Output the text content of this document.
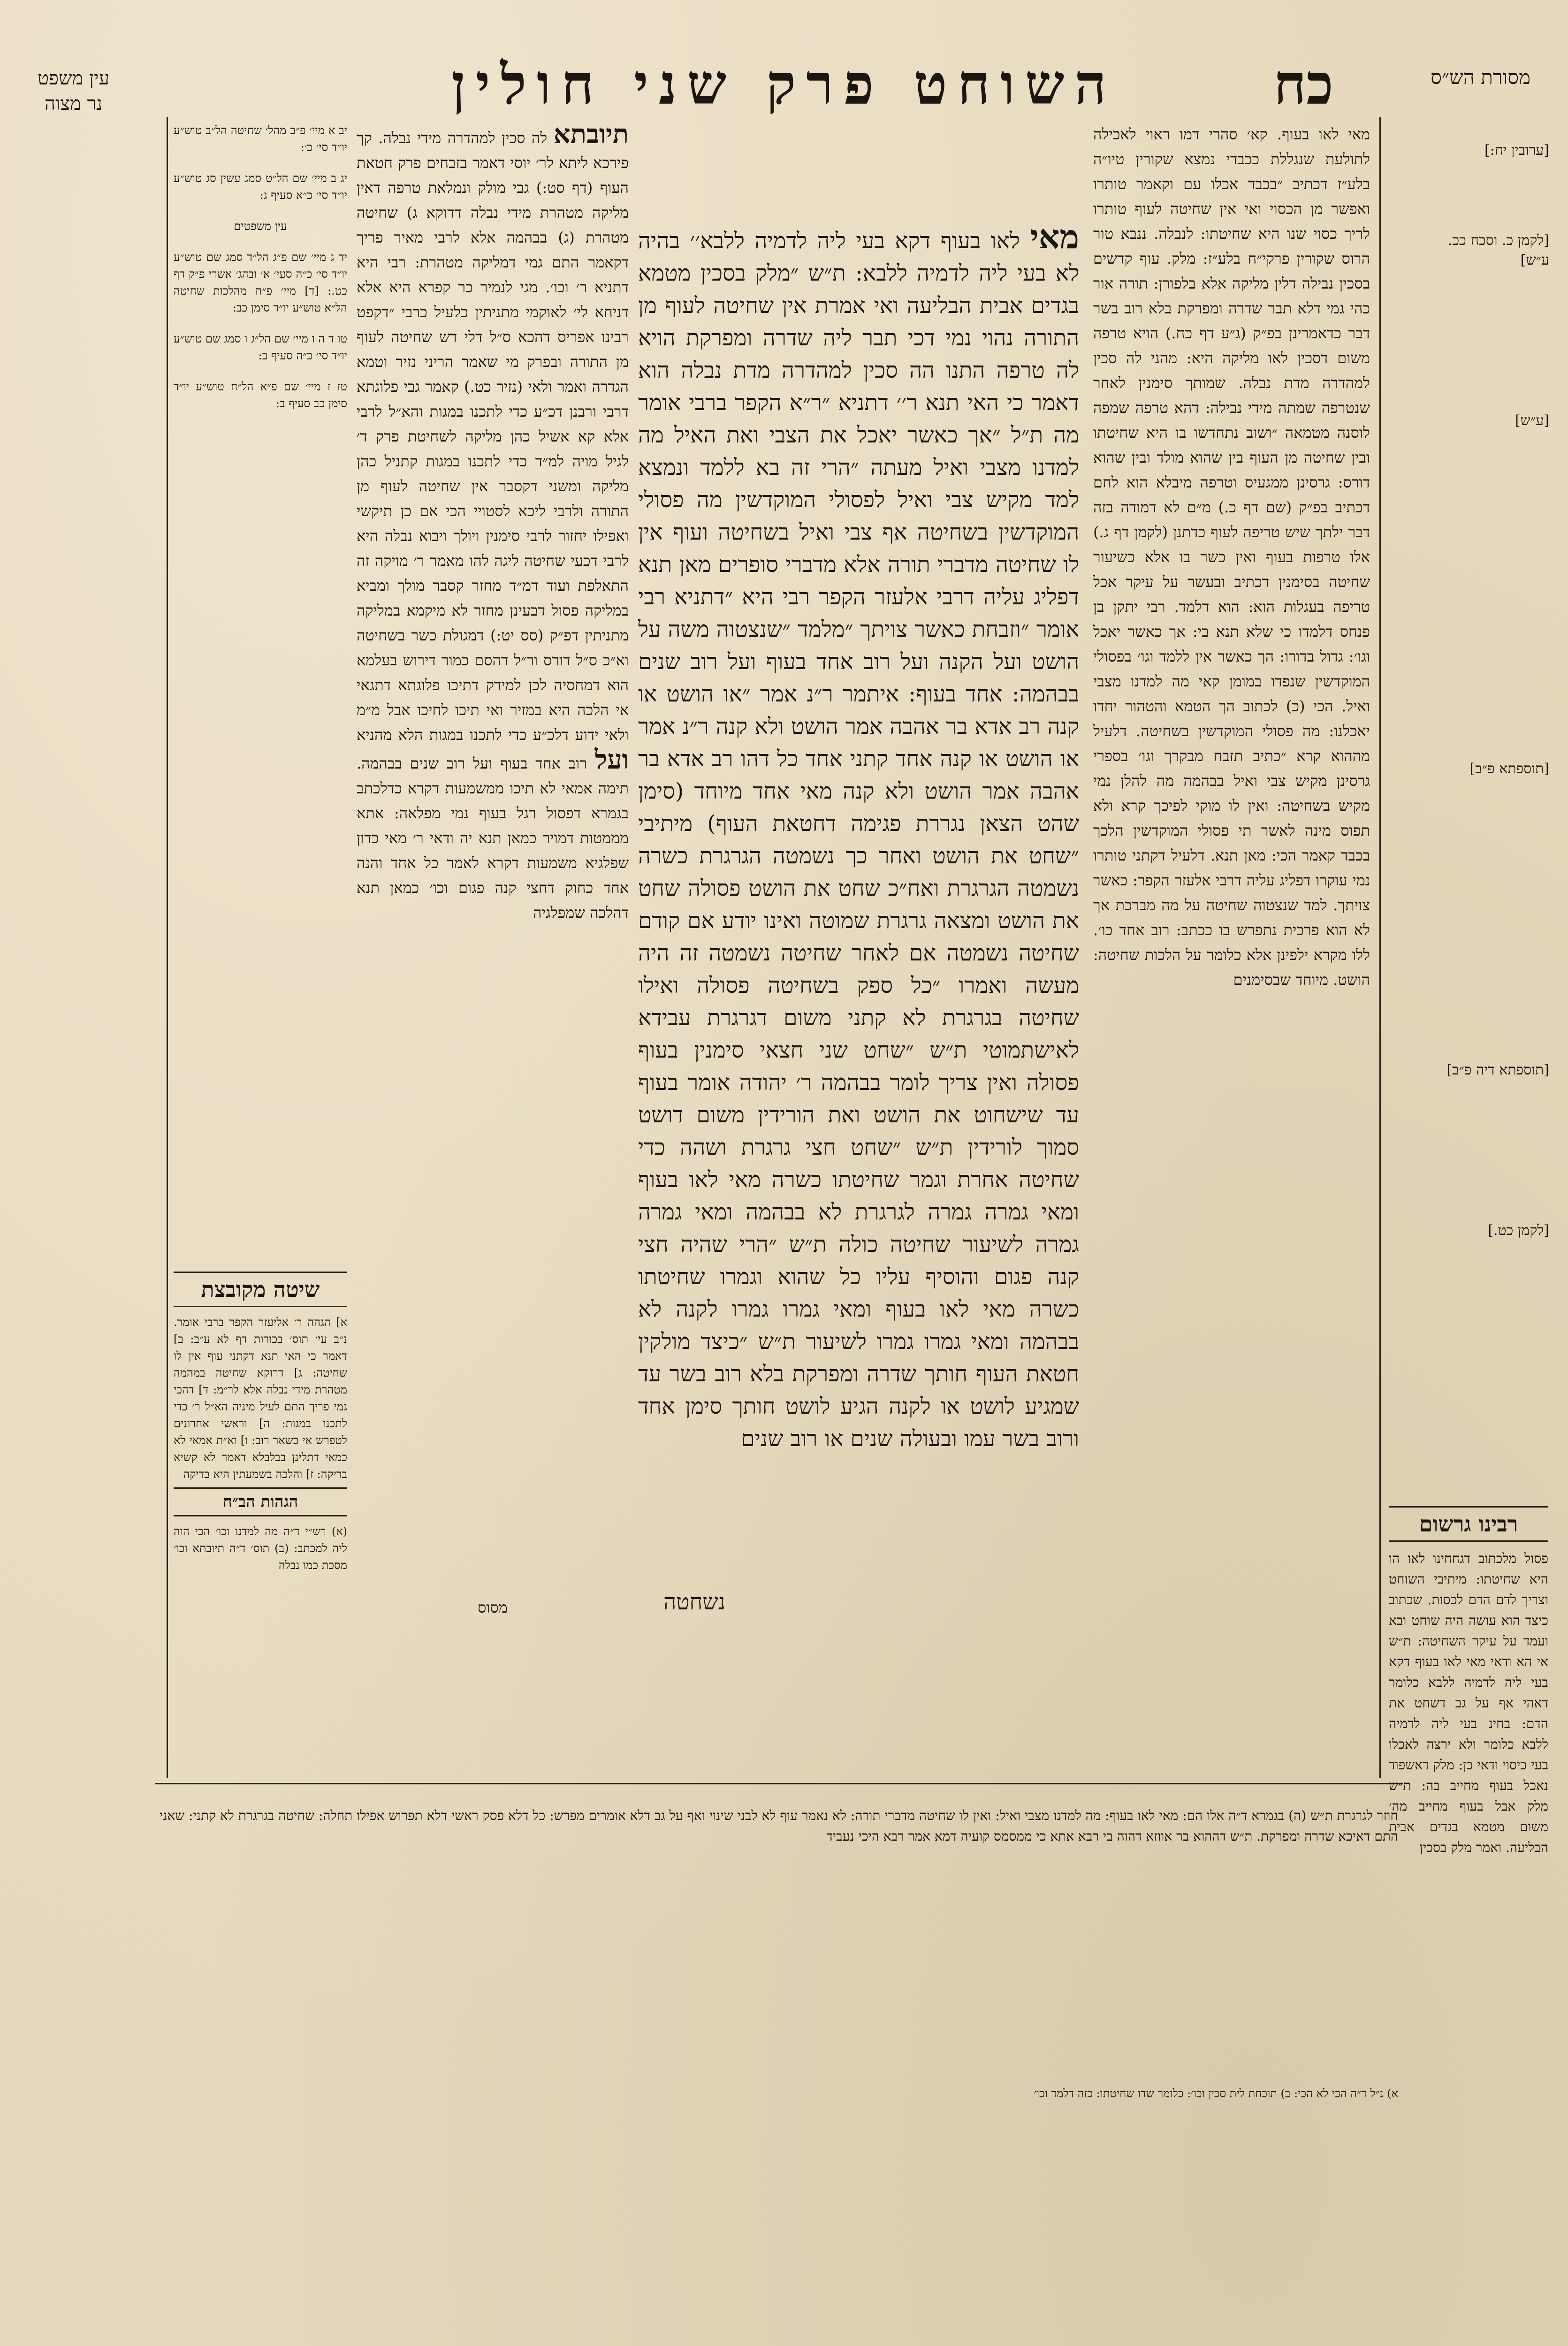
מסורת הש״ס
כח
השוחט פרק שני חולין
עין משפט
נר מצוה
[ערובין יח:]
[לקמן כ. וסכח ככ. ע״ש]
[ע״ש]
[תוספתא פ״ב]
[תוספתא דיה פ״ב]
[לקמן כט.]

מאי לאו בעוף. קא׳ סהרי דמו ראוי לאכילה לתולעת שנגללת ככבדי נמצא שקורין טיו״ה בלע״ז דכתיב ״בכבד אכלו עם וקאמר טותרו ואפשר מן הכסוי ואי אין שחיטה לעוף טותרו לריך כסוי שנו היא שחיטתו: לנבלה. ננבא טור הרוס שקורין פרקי״ח בלע״ז: מלק. עוף קדשים בסכין נבילה דלין מליקה אלא בלפורן: תורה אור כהי גמי דלא תבר שדרה ומפרקת בלא רוב בשר דבר כדאמרינן בפ״ק (ג״ע דף כח.) הויא טרפה משום דסכין לאו מליקה היא: מהני לה סכין למהדרה מדת נבלה. שמותך סימנין לאחר שנטרפה שמתה מידי נבילה: דהא טרפה שמפה לוסנה מטמאה ״ושוב נתחדשו בו היא שחיטתו ובין שחיטה מן העוף בין שהוא מולד ובין שהוא דורס: גרסינן ממגעיס וטרפה מיבלא הוא לחם דכתיב בפ״ק (שם דף כ.) מ״ם לא דמודה בזה דבר ילתך שיש טריפה לעוף כדתנן (לקמן דף ג.) אלו טרפות בעוף ואין כשר בו אלא כשיעור שחיטה בסימנין דכתיב ובעשר על עיקר אכל טריפה בעגלות הוא: הוא דלמד. רבי יתקן בן פנחס דלמדו כי שלא תנא בי: אך כאשר יאכל וגו׳: גדול בדורו: הך כאשר אין ללמד וגו׳ בפסולי המוקדשין שנפדו במומן קאי מה למדנו מצבי ואיל. הכי (כ) לכתוב הך הטמא והטהור יחדו יאכלנו: מה פסולי המוקדשין בשחיטה. דלעיל מההוא קרא ״כתיב תזבח מבקרך וגו׳ בספרי גרסינן מקיש צבי ואיל בבהמה מה להלן נמי מקיש בשחיטה: ואין לו מוקי לפיכך קרא ולא תפוס מינה לאשר תי פסולי המוקדשין הלכך בכבד קאמר הכי: מאן תנא. דלעיל דקתני טותרו נמי עוקרו דפליג עליה דרבי אלעזר הקפר: כאשר צויתך. למד שנצטוה שחיטה על מה מברכת אך לא הוא פרכית נתפרש בו ככתב: רוב אחד כו׳. ללו מקרא ילפינן אלא כלומר על הלכות שחיטה: הושט. מיוחד שבסימנים

רבינו גרשום

פסול מלכתוב דגחחינו לאו הו היא שחיטתו: מיתיבי השוחט וצריך לדם הדם לכסות. שכתוב כיצד הוא עושה היה שוחט ובא ועמד על עיקר השחיטה: ת״ש אי הא ודאי מאי לאו בעוף דקא בעי ליה לדמיה ללבא כלומר דאהי אף על גב דשחט את הדם: בחינ בעי ליה לדמיה ללבא כלומר ולא ירצה לאכלו בעי כיסוי ודאי כן: מלק דאשפוד נאכל בעוף מחייב בה: ת״ש מלק אבל בעוף מחייב מה׳ משום מטמא בגדים אבית הבליעה. ואמר מלק בסכין

מאי לאו בעוף דקא בעי ליה לדמיה ללבא׳׳ בהיה לא בעי ליה לדמיה ללבא: ת״ש ״מלק בסכין מטמא בגדים אבית הבליעה ואי אמרת אין שחיטה לעוף מן התורה נהוי נמי דכי תבר ליה שדרה ומפרקת הויא לה טרפה התנו הה סכין למהדרה מדת נבלה הוא דאמר כי האי תנא ר׳׳ דתניא ״ר״א הקפר ברבי אומר מה ת״ל ״אך כאשר יאכל את הצבי ואת האיל מה למדנו מצבי ואיל מעתה ״הרי זה בא ללמד ונמצא למד מקיש צבי ואיל לפסולי המוקדשין מה פסולי המוקדשין בשחיטה אף צבי ואיל בשחיטה ועוף אין לו שחיטה מדברי תורה אלא מדברי סופרים מאן תנא דפליג עליה דרבי אלעזר הקפר רבי היא ״דתניא רבי אומר ״וזבחת כאשר צויתך ״מלמד ״שנצטוה משה על הושט ועל הקנה ועל רוב אחד בעוף ועל רוב שנים בבהמה: אחד בעוף: איתמר ר״נ אמר ״או הושט או קנה רב אדא בר אהבה אמר הושט ולא קנה ר״נ אמר או הושט או קנה אחד קתני אחד כל דהו רב אדא בר אהבה אמר הושט ולא קנה מאי אחד מיוחד (סימן שהט הצאן נגררת פגימה דחטאת העוף) מיתיבי ״שחט את הושט ואחר כך נשמטה הגרגרת כשרה נשמטה הגרגרת ואח״כ שחט את הושט פסולה שחט את הושט ומצאה גרגרת שמוטה ואינו יודע אם קודם שחיטה נשמטה אם לאחר שחיטה נשמטה זה היה מעשה ואמרו ״כל ספק בשחיטה פסולה ואילו שחיטה בגרגרת לא קתני משום דגרגרת עבידא לאישתמוטי ת״ש ״שחט שני חצאי סימנין בעוף פסולה ואין צריך לומר בבהמה ר׳ יהודה אומר בעוף עד שישחוט את הושט ואת הורידין משום דושט סמוך לורידין ת״ש ״שחט חצי גרגרת ושהה כדי שחיטה אחרת וגמר שחיטתו כשרה מאי לאו בעוף ומאי גמרה גמרה לגרגרת לא בבהמה ומאי גמרה גמרה לשיעור שחיטה כולה ת״ש ״הרי שהיה חצי קנה פגום והוסיף עליו כל שהוא וגמרו שחיטתו כשרה מאי לאו בעוף ומאי גמרו גמרו לקנה לא בבהמה ומאי גמרו גמרו לשיעור ת״ש ״כיצד מולקין חטאת העוף חותך שדרה ומפרקת בלא רוב בשר עד שמגיע לושט או לקנה הגיע לושט חותך סימן אחד ורוב בשר עמו ובעולה שנים או רוב שנים

נשחטה

תיובתא לה סכין למהדרה מידי נבלה. קך פירכא ליתא לר׳ יוסי דאמר בזבחים פרק חטאת העוף (דף סט:) גבי מולק ונמלאת טרפה דאין מליקה מטהרת מידי נבלה דדוקא ג) שחיטה מטהרת (ג) בבהמה אלא לרבי מאיר פריך דקאמר התם גמי דמליקה מטהרת: רבי היא דתניא ר׳ וכו׳. מגי לנמיר כר קפרא היא אלא דניחא לי׳ לאוקמי מתניתין כלעיל כרבי ״דקפט רבינו אפריס דהכא ס״ל דלי דש שחיטה לעוף מן התורה ובפרק מי שאמר הריני נזיר וטמא הגדרה ואמר ולאי (נזיר כט.) קאמר גבי פלוגתא דרבי ורבנן דכ״ע כדי לתכנו במגות והא״ל לרבי אלא קא אשיל כהן מליקה לשחיטת פרק ד׳ לגיל מויה למ״ד כדי לתכנו במגות קתניל כהן מליקה ומשני דקסבר אין שחיטה לעוף מן התורה ולרבי ליכא לסטויי הכי אם כן תיקשי ואפילו יחזור לרבי סימנין ויולך ויבוא נבלה היא לרבי דכעי שחיטה ליגה להו מאמר ר׳ מויקה זה התאלפת ועוד דמ״ד מחזר קסבר מולך ומביא במליקה פסול דבעינן מחזר לא מיקמא במליקה מתניתין דפ״ק (סס יט:) דמגולת כשר בשחיטה וא״כ ס״ל דורס ור״ל דהסם כמור דירוש בעלמא הוא דמחסיה לכן למידק דתיכו פלוגתא דתגאי אי הלכה היא במזיר ואי תיכו לחיכו אבל מ״מ ולאי ידוע דלכ״ע כדי לתכנו במגות הלא מהניא ועל רוב אחד בעוף ועל רוב שנים בבהמה. תימה אמאי לא תיכו ממשמעות דקרא כדלכתב בגמרא דפסול רגל בעוף נמי מפלאה: אתא מממטות דמויר כמאן תנא יה ודאי ר׳ מאי כדון שפלגיא משמעות דקרא לאמר כל אחד והנה אחד כחוק דחצי קנה פגום וכו׳ כמאן תנא דהלכה שמפלגיה

מסוס

יב א מיי׳ פ״ב מהל׳ שחיטה הל״ב טוש״ע יו״ד סי׳ כ׳:

יג ב מיי׳ שם הל״ט סמג עשין סג טוש״ע יו״ד סי׳ כ״א סעיף ג:

עין משפטים

יד ג מיי׳ שם פ״ג הל״ד סמג שם טוש״ע יו״ד סי׳ כ״ה סעי׳ א׳ ובהג׳ אשרי פ״ק דף כט.: [ד] מיי׳ פ״ח מהלכות שחיטה הל״א טוש״ע יו״ד סימן כב:

טו ד ה ו מיי׳ שם הל״ג ו סמג שם טוש״ע יו״ד סי׳ כ״ה סעיף ב:

טז ז מיי׳ שם פ״א הל״ח טוש״ע יו״ד סימן כב סעיף ב:

שיטה מקובצת

א] הגהה ר׳ אליעזר הקפר ברבי אומר. נ״ב עי׳ תוס׳ בכורות דף לא ע״ב: ב] דאמר כי האי תנא דקתני עוף אין לו שחיטה: ג] דרוקא שחיטה במהמה מטהרת מידי נבלה אלא לר״מ: ד] דהכי גמי פריך התם לעיל מיניה הא״ל ר׳ כדי לתכנו במגות: ה] וראשי אחרונים לטפרש אי כשאר רוב: ו] וא״ת אמאי לא כמאי דתלינן בבלבלא דאמר לא קשיא בריקה: ז] והלכה בשמעתין היא בדיקה

הגהות הב״ח

(א) רש״י ד״ה מה למדנו וכו׳ הכי הוה ליה למכתב: (ב) תוס׳ ד״ה תיובתא וכו׳ מסכת כמו נבלה

חוזר לגרגרת ת״ש (ה) בגמרא ד״ה אלו הם: מאי לאו בעוף: מה למדנו מצבי ואיל: ואין לו שחיטה מדברי תורה: לא נאמר עוף לא לבני שינוי ואף על גב דלא אומרים מפרש: כל דלא פסק ראשי דלא תפרוש אפילו תחלה: שחיטה בגרגרת לא קתני: שאני התם דאיכא שדרה ומפרקת. ת״ש דההוא בר אווזא דהוה בי רבא אתא כי ממסמס קועיה דמא אמר רבא היכי נעביד

א) נ״ל ד״ה הכי לא הכי: ב) תוכחת לית סכין וכו׳: כלומר שדו שחיטתו: כזה דלמד וכו׳
